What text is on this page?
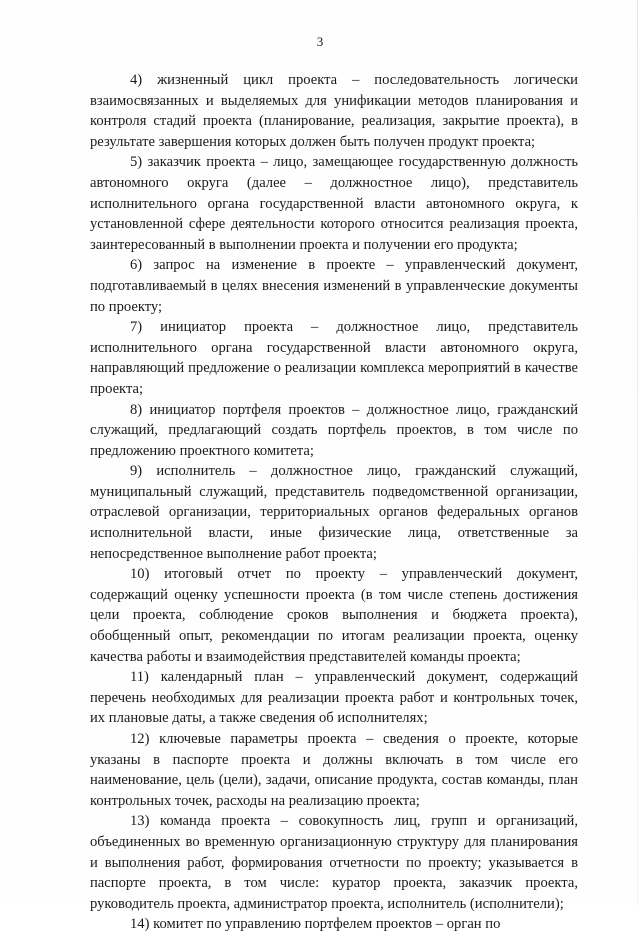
3

4) жизненный цикл проекта – последовательность логически взаимосвязанных и выделяемых для унификации методов планирования и контроля стадий проекта (планирование, реализация, закрытие проекта), в результате завершения которых должен быть получен продукт проекта;

5) заказчик проекта – лицо, замещающее государственную должность автономного округа (далее – должностное лицо), представитель исполнительного органа государственной власти автономного округа, к установленной сфере деятельности которого относится реализация проекта, заинтересованный в выполнении проекта и получении его продукта;

6) запрос на изменение в проекте – управленческий документ, подготавливаемый в целях внесения изменений в управленческие документы по проекту;

7) инициатор проекта – должностное лицо, представитель исполнительного органа государственной власти автономного округа, направляющий предложение о реализации комплекса мероприятий в качестве проекта;

8) инициатор портфеля проектов – должностное лицо, гражданский служащий, предлагающий создать портфель проектов, в том числе по предложению проектного комитета;

9) исполнитель – должностное лицо, гражданский служащий, муниципальный служащий, представитель подведомственной организации, отраслевой организации, территориальных органов федеральных органов исполнительной власти, иные физические лица, ответственные за непосредственное выполнение работ проекта;

10) итоговый отчет по проекту – управленческий документ, содержащий оценку успешности проекта (в том числе степень достижения цели проекта, соблюдение сроков выполнения и бюджета проекта), обобщенный опыт, рекомендации по итогам реализации проекта, оценку качества работы и взаимодействия представителей команды проекта;

11) календарный план – управленческий документ, содержащий перечень необходимых для реализации проекта работ и контрольных точек, их плановые даты, а также сведения об исполнителях;

12) ключевые параметры проекта – сведения о проекте, которые указаны в паспорте проекта и должны включать в том числе его наименование, цель (цели), задачи, описание продукта, состав команды, план контрольных точек, расходы на реализацию проекта;

13) команда проекта – совокупность лиц, групп и организаций, объединенных во временную организационную структуру для планирования и выполнения работ, формирования отчетности по проекту; указывается в паспорте проекта, в том числе: куратор проекта, заказчик проекта, руководитель проекта, администратор проекта, исполнитель (исполнители);

14) комитет по управлению портфелем проектов – орган по
